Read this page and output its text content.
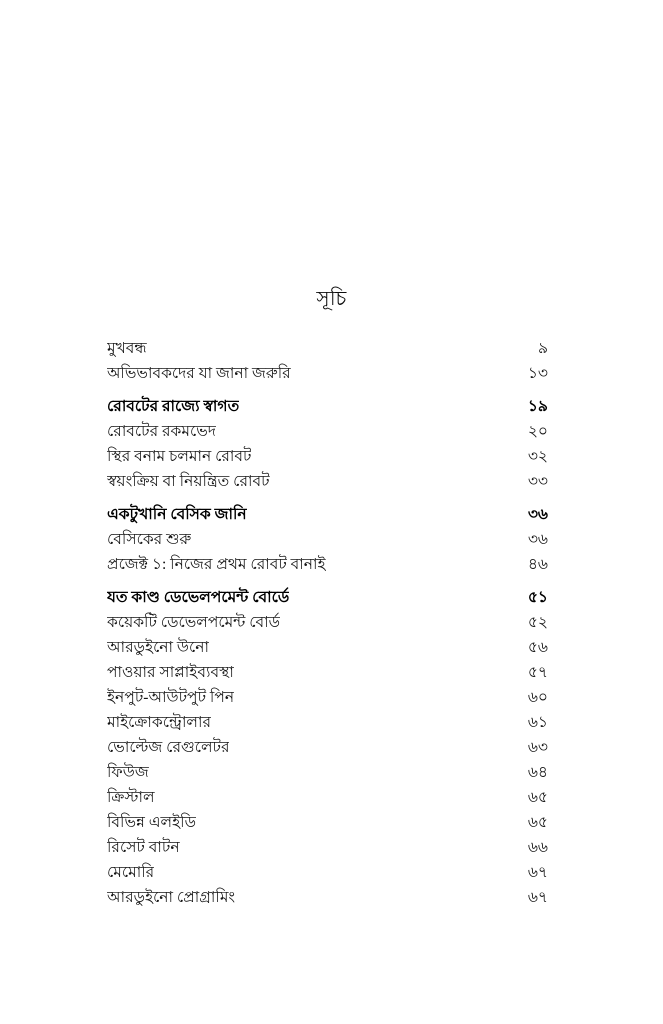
সূচি
মুখবন্ধ	৯
অভিভাবকদের যা জানা জরুরি	১৩
রোবটের রাজ্যে স্বাগত	১৯
রোবটের রকমভেদ	২০
স্থির বনাম চলমান রোবট	৩২
স্বয়ংক্রিয় বা নিয়ন্ত্রিত রোবট	৩৩
একটুখানি বেসিক জানি	৩৬
বেসিকের শুরু	৩৬
প্রজেক্ট ১: নিজের প্রথম রোবট বানাই	৪৬
যত কাণ্ড ডেভেলপমেন্ট বোর্ডে	৫১
কয়েকটি ডেভেলপমেন্ট বোর্ড	৫২
আরডুইনো উনো	৫৬
পাওয়ার সাপ্লাইব্যবস্থা	৫৭
ইনপুট-আউটপুট পিন	৬০
মাইক্রোকন্ট্রোলার	৬১
ভোল্টেজ রেগুলেটর	৬৩
ফিউজ	৬৪
ক্রিস্টাল	৬৫
বিভিন্ন এলইডি	৬৫
রিসেট বাটন	৬৬
মেমোরি	৬৭
আরডুইনো প্রোগ্রামিং	৬৭
